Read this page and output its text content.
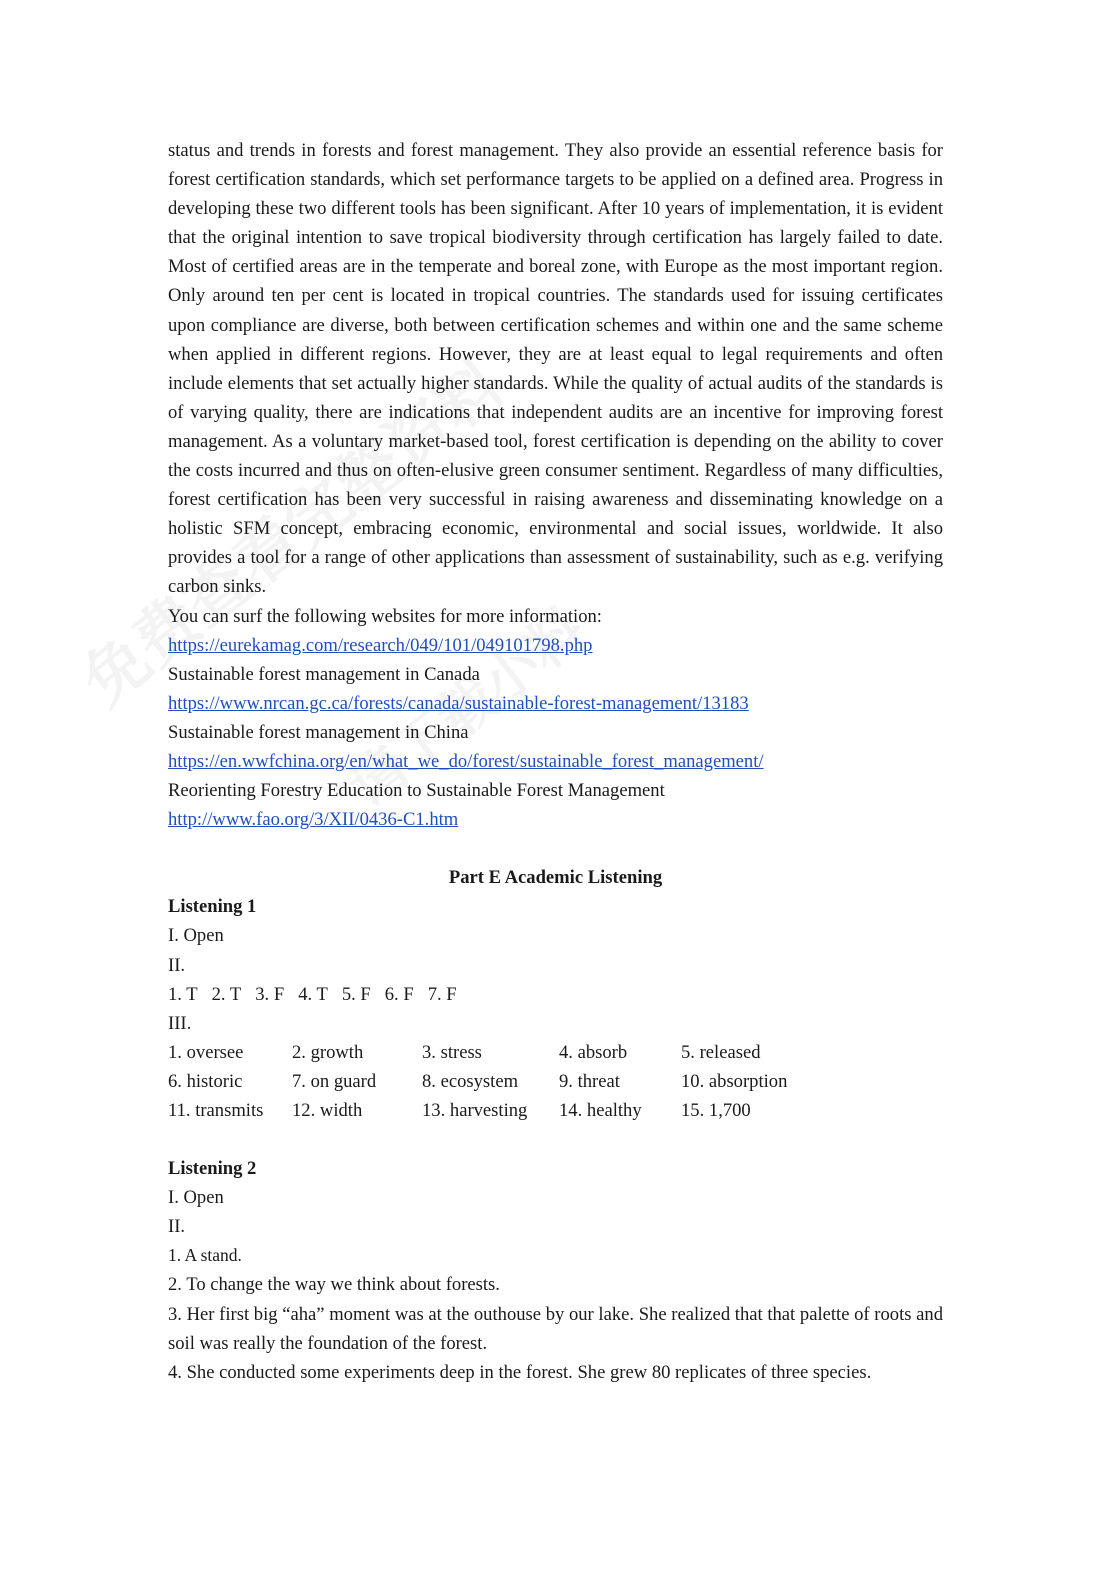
status and trends in forests and forest management. They also provide an essential reference basis for forest certification standards, which set performance targets to be applied on a defined area. Progress in developing these two different tools has been significant. After 10 years of implementation, it is evident that the original intention to save tropical biodiversity through certification has largely failed to date. Most of certified areas are in the temperate and boreal zone, with Europe as the most important region. Only around ten per cent is located in tropical countries. The standards used for issuing certificates upon compliance are diverse, both between certification schemes and within one and the same scheme when applied in different regions. However, they are at least equal to legal requirements and often include elements that set actually higher standards. While the quality of actual audits of the standards is of varying quality, there are indications that independent audits are an incentive for improving forest management. As a voluntary market-based tool, forest certification is depending on the ability to cover the costs incurred and thus on often-elusive green consumer sentiment. Regardless of many difficulties, forest certification has been very successful in raising awareness and disseminating knowledge on a holistic SFM concept, embracing economic, environmental and social issues, worldwide. It also provides a tool for a range of other applications than assessment of sustainability, such as e.g. verifying carbon sinks.

You can surf the following websites for more information:

https://eurekamag.com/research/049/101/049101798.php

Sustainable forest management in Canada

https://www.nrcan.gc.ca/forests/canada/sustainable-forest-management/13183

Sustainable forest management in China

https://en.wwfchina.org/en/what_we_do/forest/sustainable_forest_management/

Reorienting Forestry Education to Sustainable Forest Management

http://www.fao.org/3/XII/0436-C1.htm

Part E Academic Listening

Listening 1

I. Open

II.

1. T 2. T 3. F 4. T 5. F 6. F 7. F

III.

1. oversee	2. growth	3. stress	4. absorb	5. released
6. historic	7. on guard	8. ecosystem	9. threat	10. absorption
11. transmits	12. width	13. harvesting	14. healthy	15. 1,700

Listening 2

I. Open

II.

1. A stand.

2. To change the way we think about forests.

3. Her first big “aha” moment was at the outhouse by our lake. She realized that that palette of roots and soil was really the foundation of the forest.

4. She conducted some experiments deep in the forest. She grew 80 replicates of three species.
